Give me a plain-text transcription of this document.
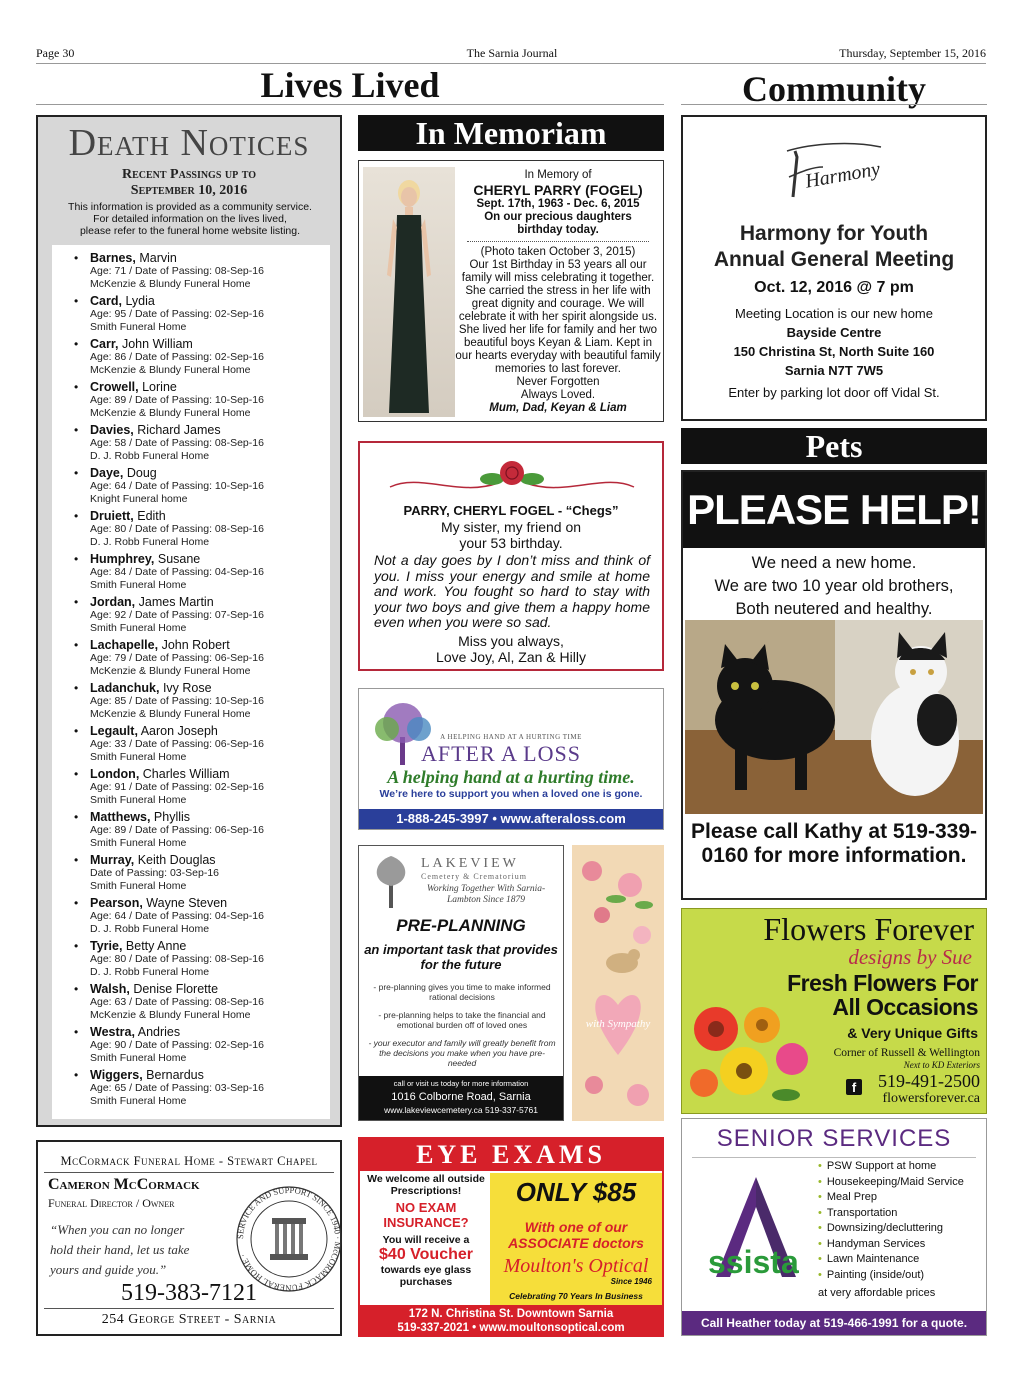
Page 30	The Sarnia Journal	Thursday, September 15, 2016
Lives Lived	Community
Death Notices
Recent Passings up to
September 10, 2016
This information is provided as a community service.
For detailed information on the lives lived,
please refer to the funeral home website listing.
• Barnes, Marvin
Age: 71 / Date of Passing: 08-Sep-16
McKenzie & Blundy Funeral Home
• Card, Lydia
Age: 95 / Date of Passing: 02-Sep-16
Smith Funeral Home
• Carr, John William
Age: 86 / Date of Passing: 02-Sep-16
McKenzie & Blundy Funeral Home
• Crowell, Lorine
Age: 89 / Date of Passing: 10-Sep-16
McKenzie & Blundy Funeral Home
• Davies, Richard James
Age: 58 / Date of Passing: 08-Sep-16
D. J. Robb Funeral Home
• Daye, Doug
Age: 64 / Date of Passing: 10-Sep-16
Knight Funeral home
• Druiett, Edith
Age: 80 / Date of Passing: 08-Sep-16
D. J. Robb Funeral Home
• Humphrey, Susane
Age: 84 / Date of Passing: 04-Sep-16
Smith Funeral Home
• Jordan, James Martin
Age: 92 / Date of Passing: 07-Sep-16
Smith Funeral Home
• Lachapelle, John Robert
Age: 79 / Date of Passing: 06-Sep-16
McKenzie & Blundy Funeral Home
• Ladanchuk, Ivy Rose
Age: 85 / Date of Passing: 10-Sep-16
McKenzie & Blundy Funeral Home
• Legault, Aaron Joseph
Age: 33 / Date of Passing: 06-Sep-16
Smith Funeral Home
• London, Charles William
Age: 91 / Date of Passing: 02-Sep-16
Smith Funeral Home
• Matthews, Phyllis
Age: 89 / Date of Passing: 06-Sep-16
Smith Funeral Home
• Murray, Keith Douglas
Date of Passing: 03-Sep-16
Smith Funeral Home
• Pearson, Wayne Steven
Age: 64 / Date of Passing: 04-Sep-16
D. J. Robb Funeral Home
• Tyrie, Betty Anne
Age: 80 / Date of Passing: 08-Sep-16
D. J. Robb Funeral Home
• Walsh, Denise Florette
Age: 63 / Date of Passing: 08-Sep-16
McKenzie & Blundy Funeral Home
• Westra, Andries
Age: 90 / Date of Passing: 02-Sep-16
Smith Funeral Home
• Wiggers, Bernardus
Age: 65 / Date of Passing: 03-Sep-16
Smith Funeral Home
McCormack Funeral Home - Stewart Chapel
Cameron McCormack
Funeral Director / Owner
“When you can no longer hold their hand, let us take yours and guide you.”
SERVICE AND SUPPORT SINCE 1940 · McCORMACK FUNERAL HOME ·
519-383-7121
254 George Street - Sarnia
In Memoriam
In Memory of
CHERYL PARRY (FOGEL)
Sept. 17th, 1963 - Dec. 6, 2015
On our precious daughters
birthday today.
(Photo taken October 3, 2015)
Our 1st Birthday in 53 years all our family will miss celebrating it together. She carried the stress in her life with great dignity and courage. We will celebrate it with her spirit alongside us. She lived her life for family and her two beautiful boys Keyan & Liam. Kept in our hearts everyday with beautiful family memories to last forever.
Never Forgotten
Always Loved.
Mum, Dad, Keyan & Liam
PARRY, CHERYL FOGEL - “Chegs”
My sister, my friend on
your 53 birthday.
Not a day goes by I don’t miss and think of you. I miss your energy and smile at home and work. You fought so hard to stay with your two boys and give them a happy home even when you were so sad.
Miss you always,
Love Joy, Al, Zan & Hilly
A HELPING HAND AT A HURTING TIME
AFTER A LOSS
A helping hand at a hurting time.
We’re here to support you when a loved one is gone.
1-888-245-3997 • www.afteraloss.com
LAKEVIEW
Cemetery & Crematorium
Working Together With Sarnia-Lambton Since 1879
PRE-PLANNING
an important task that provides for the future
- pre-planning gives you time to make informed rational decisions
- pre-planning helps to take the financial and emotional burden off of loved ones
- your executor and family will greatly benefit from the decisions you make when you have pre-needed
call or visit us today for more information
1016 Colborne Road, Sarnia
www.lakeviewcemetery.ca 519-337-5761
with Sympathy
EYE EXAMS
We welcome all outside Prescriptions!
NO EXAM INSURANCE?
You will receive a
$40 Voucher
towards eye glass purchases
ONLY $85
With one of our ASSOCIATE doctors
Moulton's Optical
Since 1946
Celebrating 70 Years In Business
172 N. Christina St. Downtown Sarnia
519-337-2021 • www.moultonsoptical.com
Harmony
Harmony for Youth
Annual General Meeting
Oct. 12, 2016 @ 7 pm
Meeting Location is our new home
Bayside Centre
150 Christina St, North Suite 160
Sarnia N7T 7W5
Enter by parking lot door off Vidal St.
Pets
PLEASE HELP!
We need a new home.
We are two 10 year old brothers,
Both neutered and healthy.
Please call Kathy at 519-339-0160 for more information.
Flowers Forever
designs by Sue
Fresh Flowers For All Occasions
& Very Unique Gifts
Corner of Russell & Wellington
Next to KD Exteriors
f	519-491-2500
flowersforever.ca
SENIOR SERVICES
ssista
• PSW Support at home
• Housekeeping/Maid Service
• Meal Prep
• Transportation
• Downsizing/decluttering
• Handyman Services
• Lawn Maintenance
• Painting (inside/out)
at very affordable prices
Call Heather today at 519-466-1991 for a quote.
